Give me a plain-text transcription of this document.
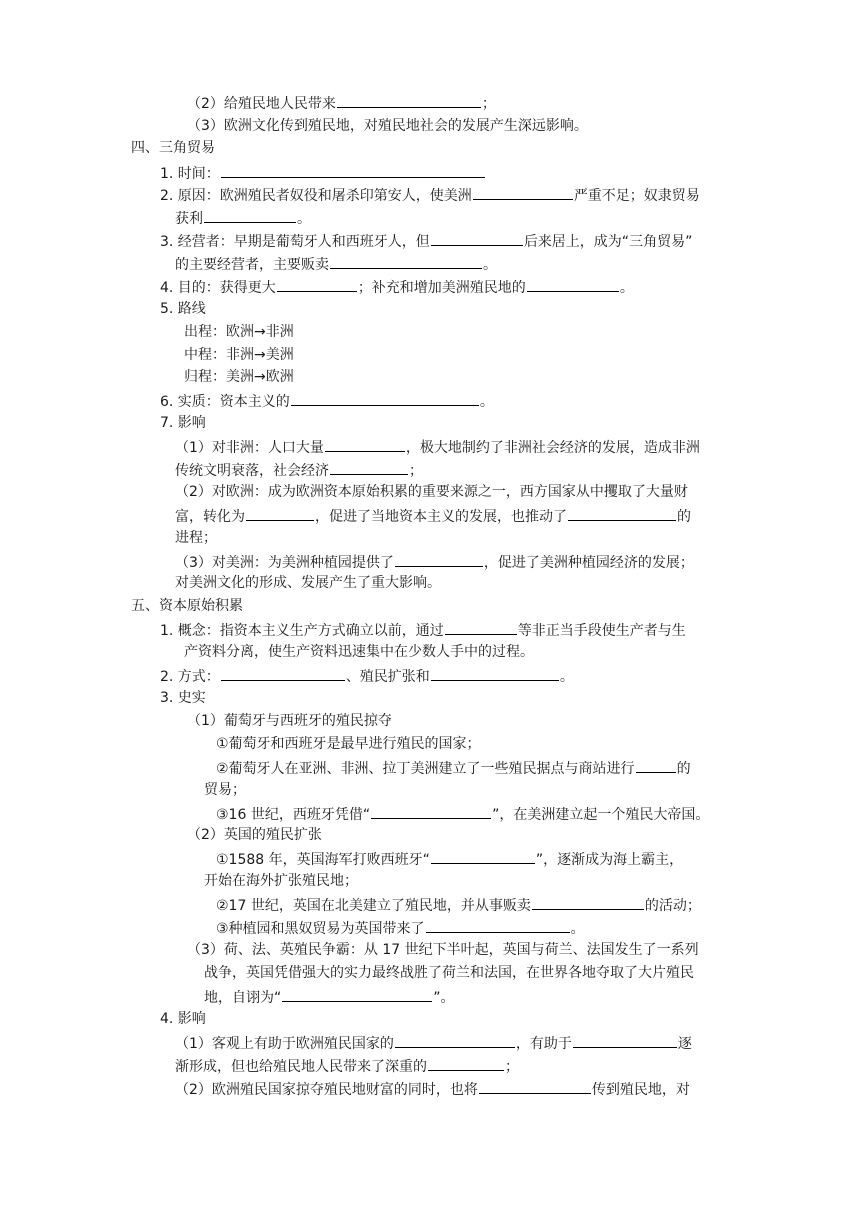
（2）给殖民地人民带来	；
（3）欧洲文化传到殖民地，对殖民地社会的发展产生深远影响。
四、三角贸易
1. 时间：
2. 原因：欧洲殖民者奴役和屠杀印第安人，使美洲	严重不足；奴隶贸易
获利	。
3. 经营者：早期是葡萄牙人和西班牙人，但	后来居上，成为“三角贸易”
的主要经营者，主要贩卖	。
4. 目的：获得更大	；补充和增加美洲殖民地的	。
5. 路线
出程：欧洲→非洲
中程：非洲→美洲
归程：美洲→欧洲
6. 实质：资本主义的	。
7. 影响
（1）对非洲：人口大量	，极大地制约了非洲社会经济的发展，造成非洲
传统文明衰落，社会经济	；
（2）对欧洲：成为欧洲资本原始积累的重要来源之一，西方国家从中攫取了大量财
富，转化为	，促进了当地资本主义的发展，也推动了	的
进程；
（3）对美洲：为美洲种植园提供了	，促进了美洲种植园经济的发展；
对美洲文化的形成、发展产生了重大影响。
五、资本原始积累
1. 概念：指资本主义生产方式确立以前，通过	等非正当手段使生产者与生
产资料分离，使生产资料迅速集中在少数人手中的过程。
2. 方式：	、殖民扩张和	。
3. 史实
（1）葡萄牙与西班牙的殖民掠夺
①葡萄牙和西班牙是最早进行殖民的国家；
②葡萄牙人在亚洲、非洲、拉丁美洲建立了一些殖民据点与商站进行	的
贸易；
③16 世纪，西班牙凭借“	”，在美洲建立起一个殖民大帝国。
（2）英国的殖民扩张
①1588 年，英国海军打败西班牙“	”，逐渐成为海上霸主，
开始在海外扩张殖民地；
②17 世纪，英国在北美建立了殖民地，并从事贩卖	的活动；
③种植园和黑奴贸易为英国带来了	。
（3）荷、法、英殖民争霸：从 17 世纪下半叶起，英国与荷兰、法国发生了一系列
战争，英国凭借强大的实力最终战胜了荷兰和法国，在世界各地夺取了大片殖民
地，自诩为“	”。
4. 影响
（1）客观上有助于欧洲殖民国家的	，有助于	逐
渐形成，但也给殖民地人民带来了深重的	；
（2）欧洲殖民国家掠夺殖民地财富的同时，也将	传到殖民地，对
